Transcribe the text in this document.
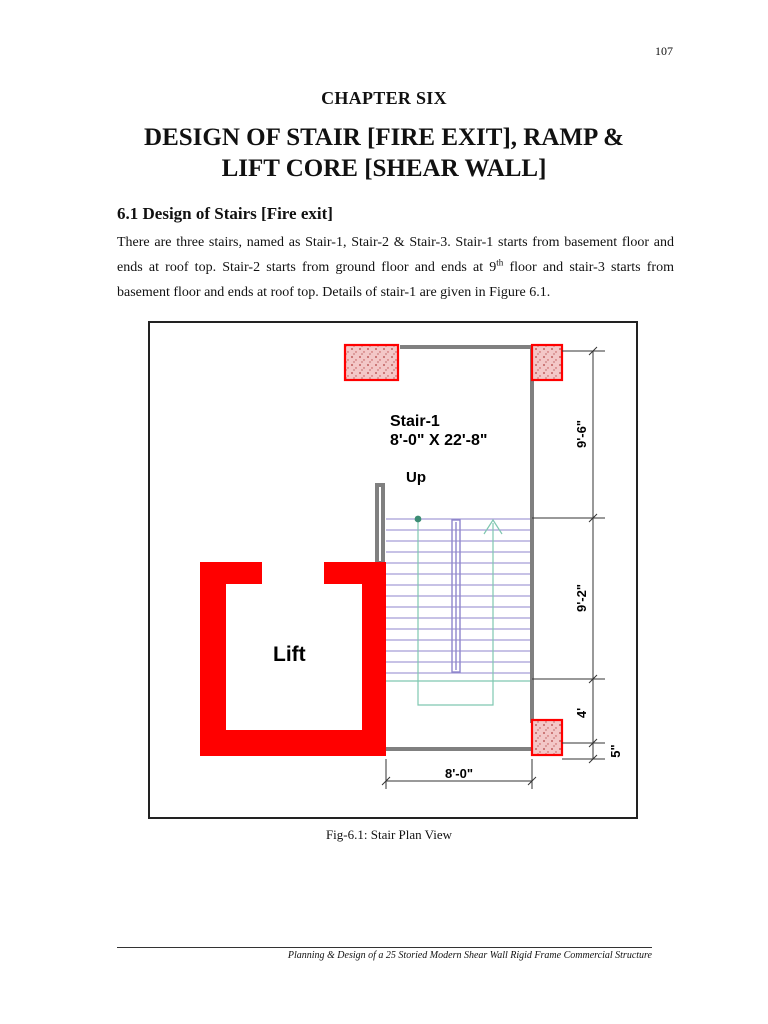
107
CHAPTER SIX
DESIGN OF STAIR [FIRE EXIT], RAMP &
LIFT CORE [SHEAR WALL]
6.1 Design of Stairs [Fire exit]
There are three stairs, named as Stair-1, Stair-2 & Stair-3. Stair-1 starts from basement floor and ends at roof top. Stair-2 starts from ground floor and ends at 9th floor and stair-3 starts from basement floor and ends at roof top. Details of stair-1 are given in Figure 6.1.
Stair-1
8'-0" X 22'-8"
Up
Lift
9'-6"
9'-2"
4'
5"
8'-0"
Fig-6.1: Stair Plan View
Planning & Design of a 25 Storied Modern Shear Wall Rigid Frame Commercial Structure
